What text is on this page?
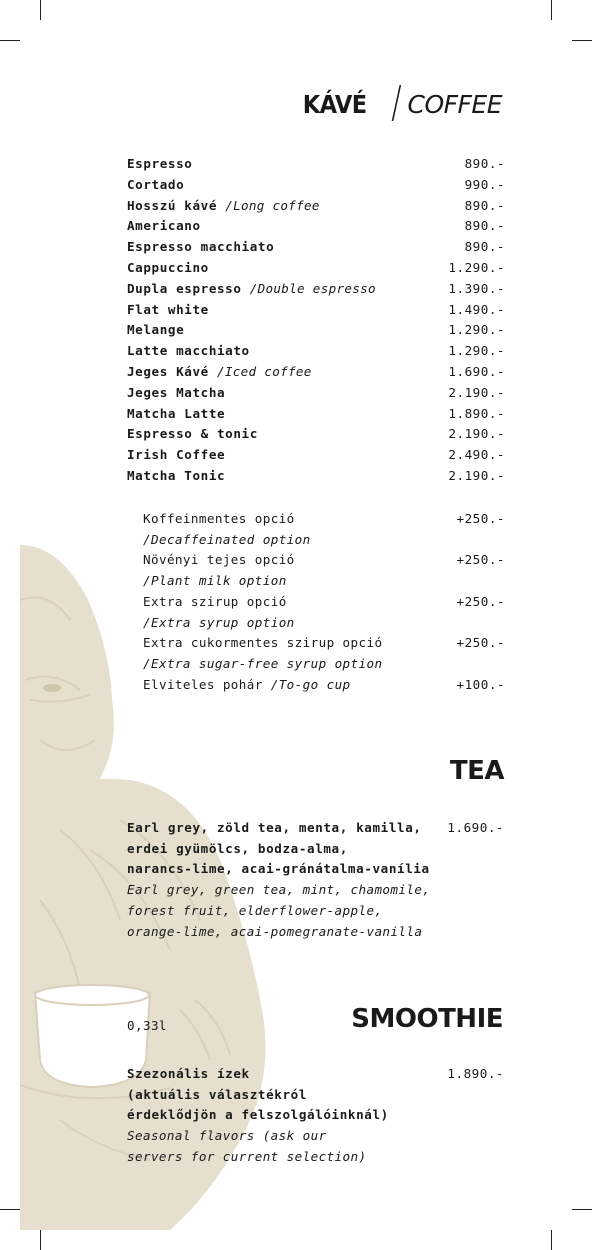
KÁVÉ / COFFEE
Espresso	890.-
Cortado	990.-
Hosszú kávé /Long coffee	890.-
Americano	890.-
Espresso macchiato	890.-
Cappuccino	1.290.-
Dupla espresso /Double espresso	1.390.-
Flat white	1.490.-
Melange	1.290.-
Latte macchiato	1.290.-
Jeges Kávé /Iced coffee	1.690.-
Jeges Matcha	2.190.-
Matcha Latte	1.890.-
Espresso & tonic	2.190.-
Irish Coffee	2.490.-
Matcha Tonic	2.190.-
Koffeinmentes opció
/Decaffeinated option
+250.-
Növényi tejes opció
/Plant milk option
+250.-
Extra szirup opció
/Extra syrup option
+250.-
Extra cukormentes szirup opció
/Extra sugar-free syrup option
+250.-
Elviteles pohár /To-go cup	+100.-
TEA
Earl grey, zöld tea, menta, kamilla,
erdei gyümölcs, bodza-alma,
narancs-lime, acai-gránátalma-vanília
Earl grey, green tea, mint, chamomile,
forest fruit, elderflower-apple,
orange-lime, acai-pomegranate-vanilla
1.690.-
SMOOTHIE
0,33l
Szezonális ízek
(aktuális választékról
érdeklődjön a felszolgálóinknál)
Seasonal flavors (ask our
servers for current selection)
1.890.-
